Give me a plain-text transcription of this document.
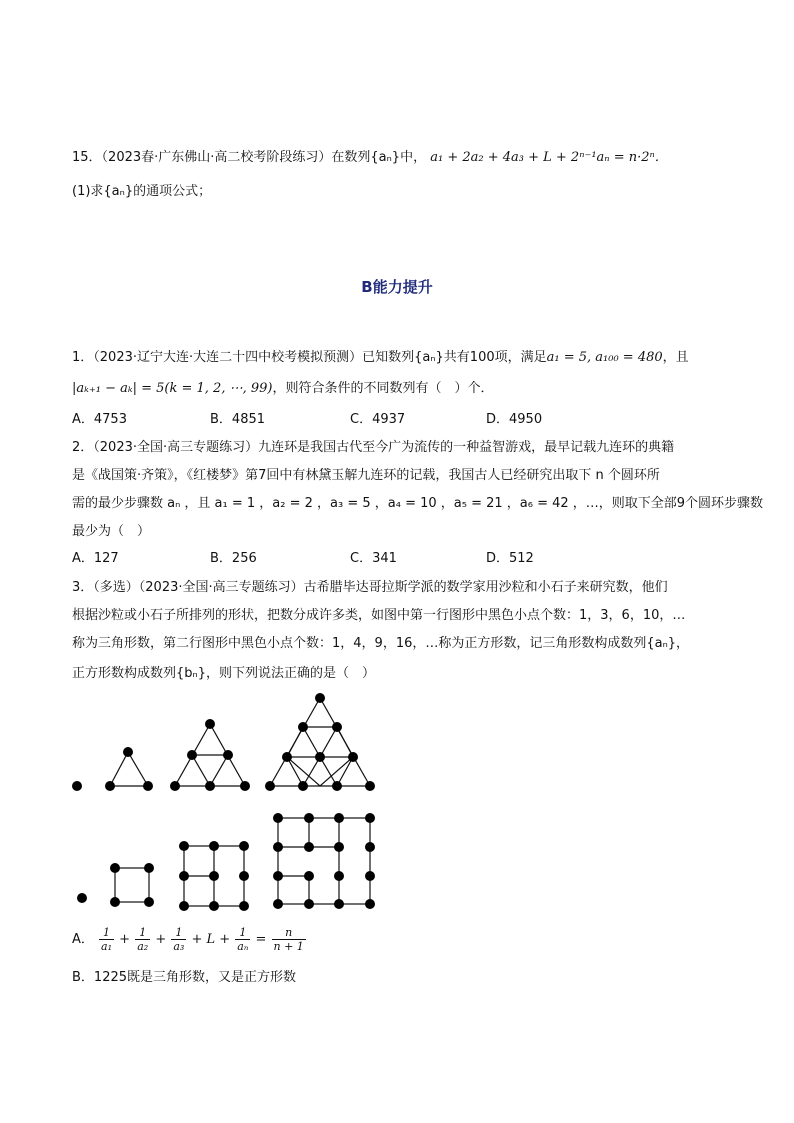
15．（2023春·广东佛山·高二校考阶段练习）在数列{aₙ}中， a₁ + 2a₂ + 4a₃ + L + 2ⁿ⁻¹aₙ = n·2ⁿ．
(1)求{aₙ}的通项公式；
B能力提升
1．（2023·辽宁大连·大连二十四中校考模拟预测）已知数列{aₙ}共有100项，满足a₁ = 5, a₁₀₀ = 480，且
|aₖ₊₁ − aₖ| = 5(k = 1, 2, ⋯, 99)，则符合条件的不同数列有（　）个．
A．4753	B．4851	C．4937	D．4950
2．（2023·全国·高三专题练习）九连环是我国古代至今广为流传的一种益智游戏，最早记载九连环的典籍
是《战国策·齐策》，《红楼梦》第7回中有林黛玉解九连环的记载，我国古人已经研究出取下 n 个圆环所
需的最少步骤数 aₙ ，且 a₁ = 1 ，a₂ = 2 ，a₃ = 5 ，a₄ = 10 ，a₅ = 21 ，a₆ = 42 ，…，则取下全部9个圆环步骤数
最少为（　）
A．127	B．256	C．341	D．512
3．（多选）（2023·全国·高三专题练习）古希腊毕达哥拉斯学派的数学家用沙粒和小石子来研究数，他们
根据沙粒或小石子所排列的形状，把数分成许多类，如图中第一行图形中黑色小点个数：1，3，6，10，…
称为三角形数，第二行图形中黑色小点个数：1，4，9，16，…称为正方形数，记三角形数构成数列{aₙ}，
正方形数构成数列{bₙ}，则下列说法正确的是（　）
A． $\frac{1}{\text{a₁}} + \frac{1}{\text{a₂}} + \frac{1}{\text{a₃}} + L + \frac{1}{\text{aₙ}} = \frac{n}{n + 1}$
B．1225既是三角形数，又是正方形数
